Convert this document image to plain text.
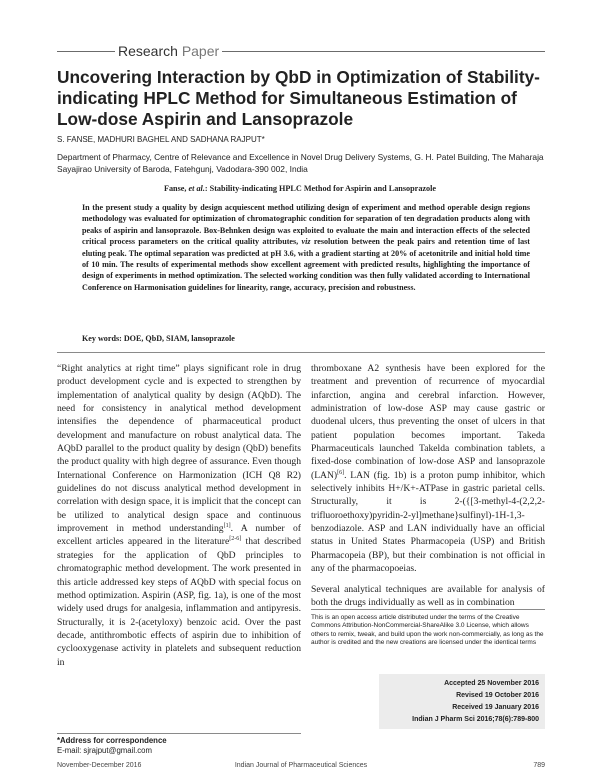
Research Paper
Uncovering Interaction by QbD in Optimization of Stability-indicating HPLC Method for Simultaneous Estimation of Low-dose Aspirin and Lansoprazole
S. FANSE, MADHURI BAGHEL AND SADHANA RAJPUT*
Department of Pharmacy, Centre of Relevance and Excellence in Novel Drug Delivery Systems, G. H. Patel Building, The Maharaja Sayajirao University of Baroda, Fatehgunj, Vadodara-390 002, India
Fanse, et al.: Stability-indicating HPLC Method for Aspirin and Lansoprazole
In the present study a quality by design acquiescent method utilizing design of experiment and method operable design regions methodology was evaluated for optimization of chromatographic condition for separation of ten degradation products along with peaks of aspirin and lansoprazole. Box-Behnken design was exploited to evaluate the main and interaction effects of the selected critical process parameters on the critical quality attributes, viz resolution between the peak pairs and retention time of last eluting peak. The optimal separation was predicted at pH 3.6, with a gradient starting at 20% of acetonitrile and initial hold time of 10 min. The results of experimental methods show excellent agreement with predicted results, highlighting the importance of design of experiments in method optimization. The selected working condition was then fully validated according to International Conference on Harmonisation guidelines for linearity, range, accuracy, precision and robustness.
Key words: DOE, QbD, SIAM, lansoprazole

“Right analytics at right time” plays significant role in drug product development cycle and is expected to strengthen by implementation of analytical quality by design (AQbD). The need for consistency in analytical method development intensifies the dependence of pharmaceutical product development and manufacture on robust analytical data. The AQbD parallel to the product quality by design (QbD) benefits the product quality with high degree of assurance. Even though International Conference on Harmonization (ICH Q8 R2) guidelines do not discuss analytical method development in correlation with design space, it is implicit that the concept can be utilized to analytical design space and continuous improvement in method understanding[1]. A number of excellent articles appeared in the literature[2-6] that described strategies for the application of QbD principles to chromatographic method development. The work presented in this article addressed key steps of AQbD with special focus on method optimization. Aspirin (ASP, fig. 1a), is one of the most widely used drugs for analgesia, inflammation and antipyresis. Structurally, it is 2-(acetyloxy) benzoic acid. Over the past decade, antithrombotic effects of aspirin due to inhibition of cyclooxygenase activity in platelets and subsequent reduction in

thromboxane A2 synthesis have been explored for the treatment and prevention of recurrence of myocardial infarction, angina and cerebral infarction. However, administration of low-dose ASP may cause gastric or duodenal ulcers, thus preventing the onset of ulcers in that patient population becomes important. Takeda Pharmaceuticals launched Takelda combination tablets, a fixed-dose combination of low-dose ASP and lansoprazole (LAN)[6]. LAN (fig. 1b) is a proton pump inhibitor, which selectively inhibits H+/K+-ATPase in gastric parietal cells. Structurally, it is 2-({[3-methyl-4-(2,2,2-trifluoroethoxy)pyridin-2-yl]methane}sulfinyl)-1H-1,3-benzodiazole. ASP and LAN individually have an official status in United States Pharmacopeia (USP) and British Pharmacopeia (BP), but their combination is not official in any of the pharmacopoeias.

Several analytical techniques are available for analysis of both the drugs individually as well as in combination

This is an open access article distributed under the terms of the Creative Commons Attribution-NonCommercial-ShareAlike 3.0 License, which allows others to remix, tweak, and build upon the work non-commercially, as long as the author is credited and the new creations are licensed under the identical terms
Accepted 25 November 2016
Revised 19 October 2016
Received 19 January 2016
Indian J Pharm Sci 2016;78(6):789-800
*Address for correspondence
E-mail: sjrajput@gmail.com
November-December 2016	Indian Journal of Pharmaceutical Sciences	789
